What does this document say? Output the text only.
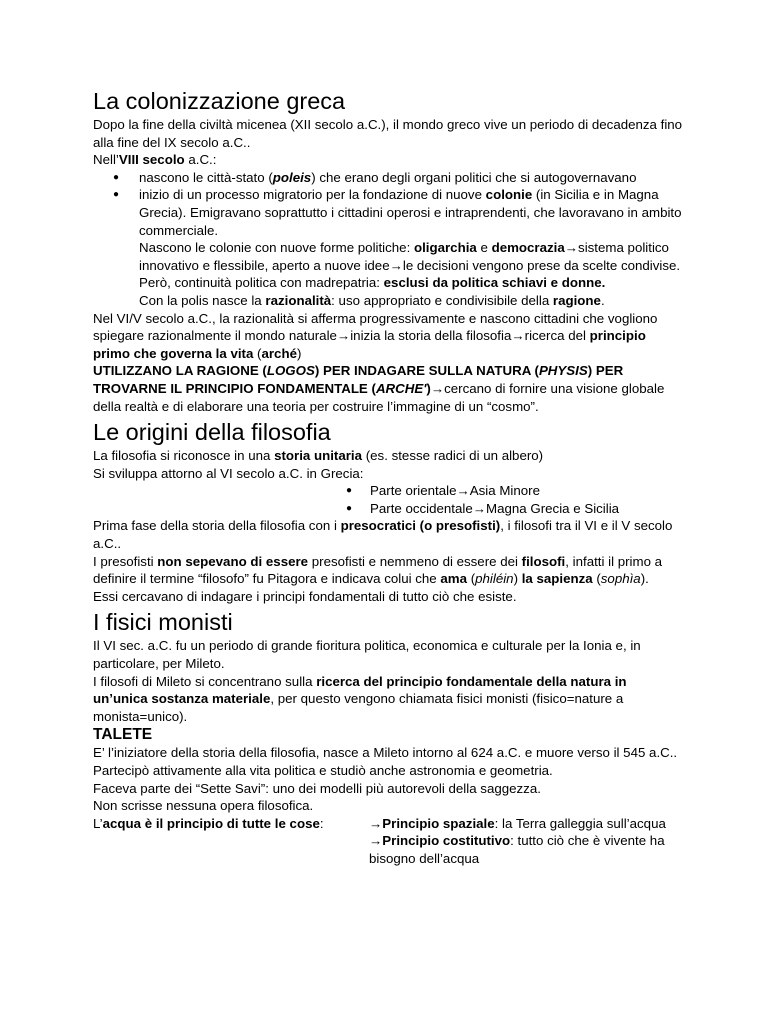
La colonizzazione greca

Dopo la fine della civiltà micenea (XII secolo a.C.), il mondo greco vive un periodo di decadenza fino alla fine del IX secolo a.C..

Nell’VIII secolo a.C.:

● nascono le città-stato (poleis) che erano degli organi politici che si autogovernavano
● inizio di un processo migratorio per la fondazione di nuove colonie (in Sicilia e in Magna Grecia). Emigravano soprattutto i cittadini operosi e intraprendenti, che lavoravano in ambito commerciale.

Nascono le colonie con nuove forme politiche: oligarchia e democrazia→sistema politico innovativo e flessibile, aperto a nuove idee→le decisioni vengono prese da scelte condivise.

Però, continuità politica con madrepatria: esclusi da politica schiavi e donne.

Con la polis nasce la razionalità: uso appropriato e condivisibile della ragione.

Nel VI/V secolo a.C., la razionalità si afferma progressivamente e nascono cittadini che vogliono spiegare razionalmente il mondo naturale→inizia la storia della filosofia→ricerca del principio primo che governa la vita (arché)

UTILIZZANO LA RAGIONE (LOGOS) PER INDAGARE SULLA NATURA (PHYSIS) PER TROVARNE IL PRINCIPIO FONDAMENTALE (ARCHE')→cercano di fornire una visione globale della realtà e di elaborare una teoria per costruire l’immagine di un “cosmo”.

Le origini della filosofia

La filosofia si riconosce in una storia unitaria (es. stesse radici di un albero)

Si sviluppa attorno al VI secolo a.C. in Grecia:

● Parte orientale→Asia Minore
● Parte occidentale→Magna Grecia e Sicilia

Prima fase della storia della filosofia con i presocratici (o presofisti), i filosofi tra il VI e il V secolo a.C..

I presofisti non sepevano di essere presofisti e nemmeno di essere dei filosofi, infatti il primo a definire il termine “filosofo” fu Pitagora e indicava colui che ama (philéin) la sapienza (sophìa).

Essi cercavano di indagare i principi fondamentali di tutto ciò che esiste.

I fisici monisti

Il VI sec. a.C. fu un periodo di grande fioritura politica, economica e culturale per la Ionia e, in particolare, per Mileto.

I filosofi di Mileto si concentrano sulla ricerca del principio fondamentale della natura in un’unica sostanza materiale, per questo vengono chiamata fisici monisti (fisico=nature a monista=unico).

TALETE

E’ l’iniziatore della storia della filosofia, nasce a Mileto intorno al 624 a.C. e muore verso il 545 a.C..

Partecipò attivamente alla vita politica e studiò anche astronomia e geometria.

Faceva parte dei “Sette Savi”: uno dei modelli più autorevoli della saggezza.

Non scrisse nessuna opera filosofica.

L’acqua è il principio di tutte le cose:	→Principio spaziale: la Terra galleggia sull’acqua
→Principio costitutivo: tutto ciò che è vivente ha bisogno dell’acqua
